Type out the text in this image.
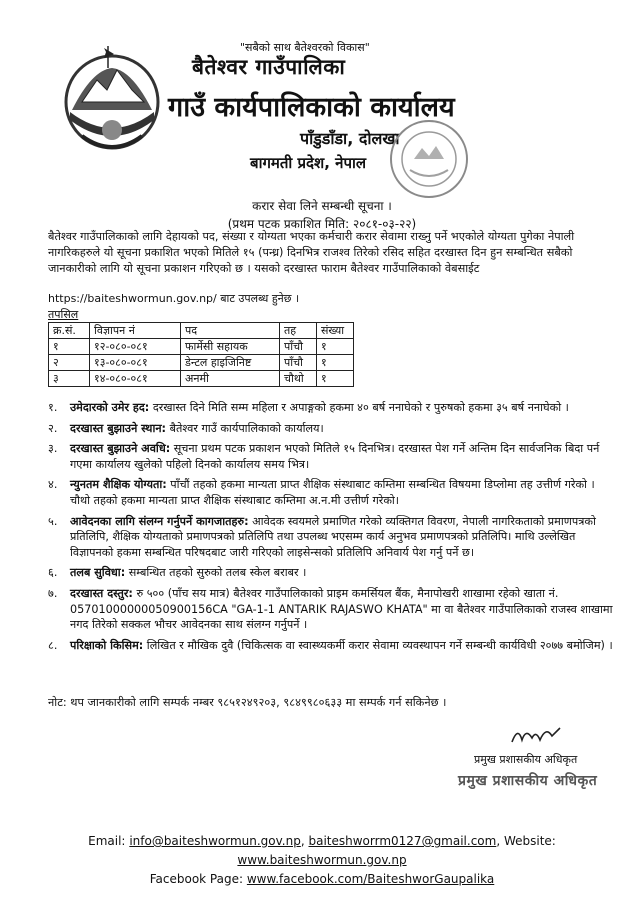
"सबैको साथ बैतेश्वरको विकास"
बैतेश्वर गाउँपालिका
गाउँ कार्यपालिकाको कार्यालय
पाँडुडाँडा, दोलखा
बागमती प्रदेश, नेपाल
करार सेवा लिने सम्बन्धी सूचना ।
(प्रथम पटक प्रकाशित मिति: २०८१-०३-२२)
बैतेश्वर गाउँपालिकाको लागि देहायको पद, संख्या र योग्यता भएका कर्मचारी करार सेवामा राख्नु पर्ने भएकोले योग्यता पुगेका नेपाली नागरिकहरुले यो सूचना प्रकाशित भएको मितिले १५ (पन्ध्र) दिनभित्र राजश्व तिरेको रसिद सहित दरखास्त दिन हुन सम्बन्धित सबैको जानकारीको लागि यो सूचना प्रकाशन गरिएको छ । यसको दरखास्त फाराम बैतेश्वर गाउँपालिकाको वेबसाईट
https://baiteshwormun.gov.np/ बाट उपलब्ध हुनेछ ।
तपसिल
क्र.सं.	विज्ञापन नं	पद	तह	संख्या
१	१२-०८०-०८१	फार्मेसी सहायक	पाँचौ	१
२	१३-०८०-०८१	डेन्टल हाइजिनिष्ट	पाँचौ	१
३	१४-०८०-०८१	अनमी	चौथो	१
१.	उमेदारको उमेर हद: दरखास्त दिने मिति सम्म महिला र अपाङ्गको हकमा ४० बर्ष ननाघेको र पुरुषको हकमा ३५ बर्ष ननाघेको ।
२.	दरखास्त बुझाउने स्थान: बैतेश्वर गाउँ कार्यपालिकाको कार्यालय।
३.	दरखास्त बुझाउने अवधि: सूचना प्रथम पटक प्रकाशन भएको मितिले १५ दिनभित्र। दरखास्त पेश गर्ने अन्तिम दिन सार्वजनिक बिदा पर्न गएमा कार्यालय खुलेको पहिलो दिनको कार्यालय समय भित्र।
४.	न्युनतम शैक्षिक योग्यता: पाँचौं तहको हकमा मान्यता प्राप्त शैक्षिक संस्थाबाट कम्तिमा सम्बन्धित विषयमा डिप्लोमा तह उत्तीर्ण गरेको । चौथो तहको हकमा मान्यता प्राप्त शैक्षिक संस्थाबाट कम्तिमा अ.न.मी उत्तीर्ण गरेको।
५.	आवेदनका लागि संलग्न गर्नुपर्ने कागजातहरु: आवेदक स्वयमले प्रमाणित गरेको व्यक्तिगत विवरण, नेपाली नागरिकताको प्रमाणपत्रको प्रतिलिपि, शैक्षिक योग्यताको प्रमाणपत्रको प्रतिलिपि तथा उपलब्ध भएसम्म कार्य अनुभव प्रमाणपत्रको प्रतिलिपि। माथि उल्लेखित विज्ञापनको हकमा सम्बन्धित परिषदबाट जारी गरिएको लाइसेन्सको प्रतिलिपि अनिवार्य पेश गर्नु पर्ने छ।
६.	तलब सुविधा: सम्बन्धित तहको सुरुको तलब स्केल बराबर ।
७.	दरखास्त दस्तुर: रु ५०० (पाँच सय मात्र) बैतेश्वर गाउँपालिकाको प्राइम कमर्सियल बैंक, मैनापोखरी शाखामा रहेको खाता नं. 05701000000050900156CA "GA-1-1 ANTARIK RAJASWO KHATA" मा वा बैतेश्वर गाउँपालिकाको राजस्व शाखामा नगद तिरेको सक्कल भौचर आवेदनका साथ संलग्न गर्नुपर्ने ।
८.	परिक्षाको किसिम: लिखित र मौखिक दुवै (चिकित्सक वा स्वास्थ्यकर्मी करार सेवामा व्यवस्थापन गर्ने सम्बन्धी कार्यविधी २०७७ बमोजिम) ।
नोट: थप जानकारीको लागि सम्पर्क नम्बर ९८५१२४९२०३, ९८४९९८०६३३ मा सम्पर्क गर्न सकिनेछ ।
प्रमुख प्रशासकीय अधिकृत
प्रमुख प्रशासकीय अधिकृत
Email: info@baiteshwormun.gov.np, baiteshworrm0127@gmail.com, Website:
www.baiteshwormun.gov.np
Facebook Page: www.facebook.com/BaiteshworGaupalika
